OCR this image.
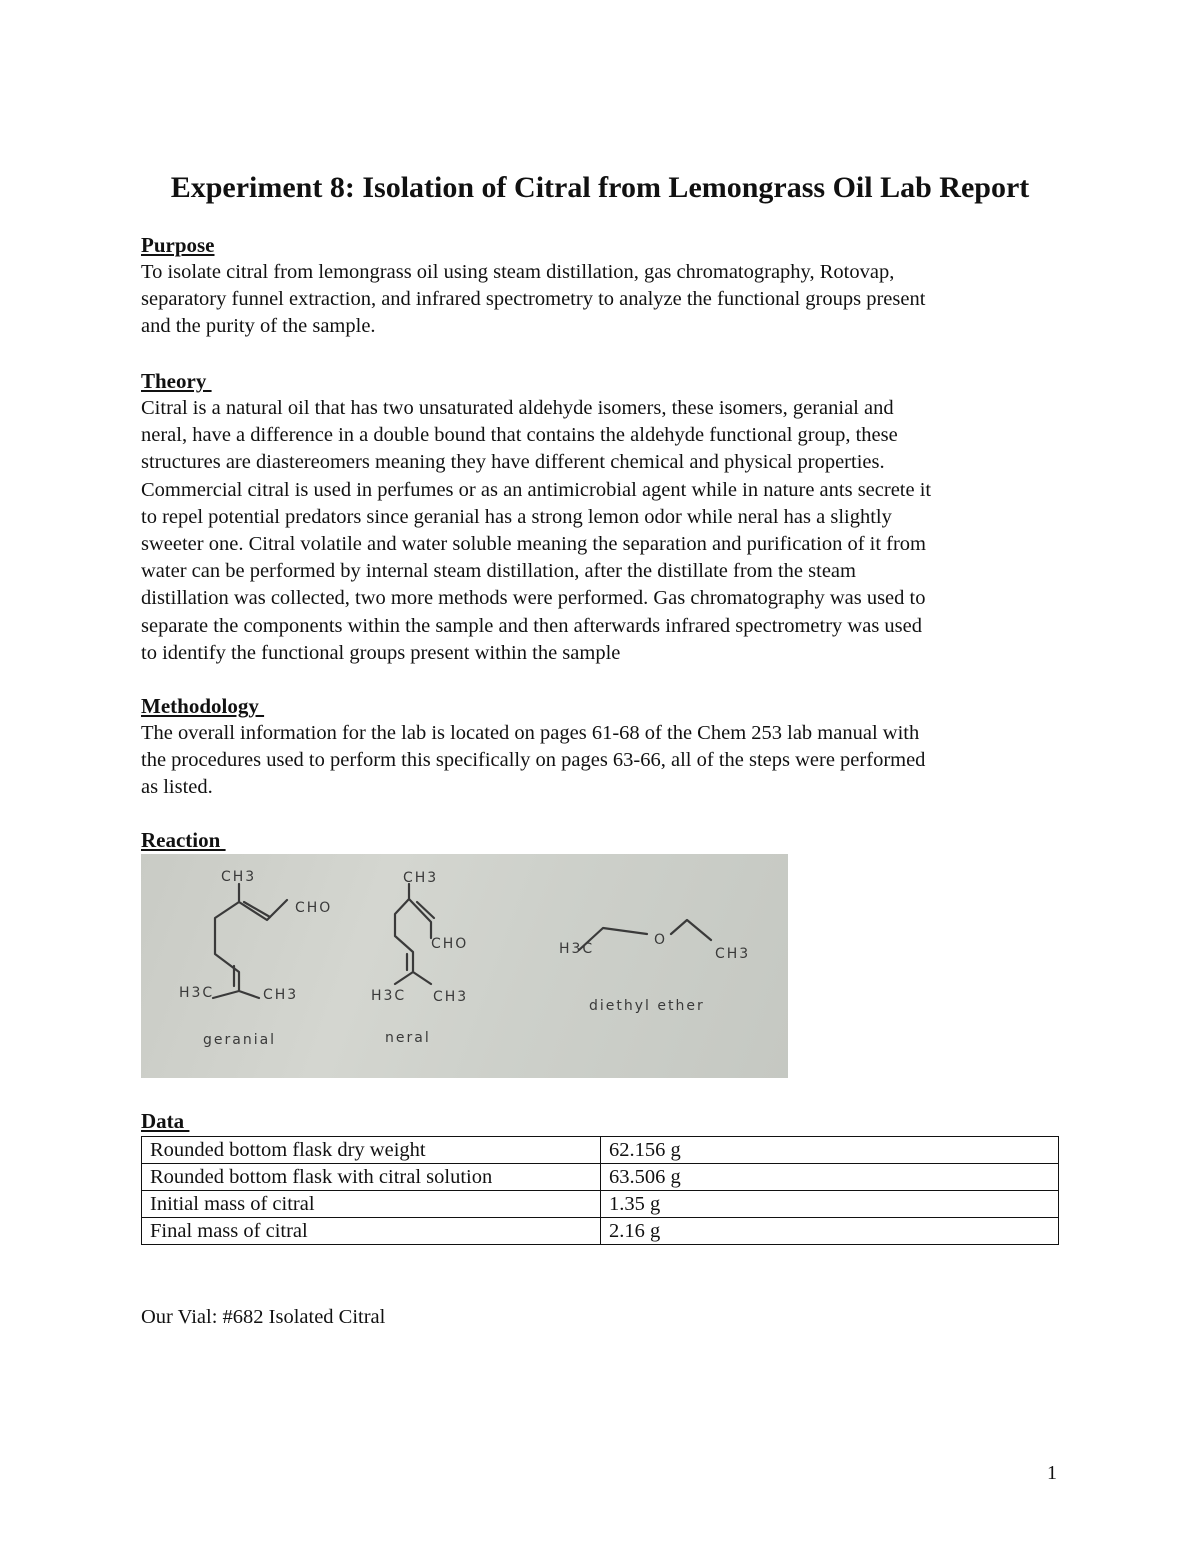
Experiment 8: Isolation of Citral from Lemongrass Oil Lab Report

Purpose

To isolate citral from lemongrass oil using steam distillation, gas chromatography, Rotovap,
separatory funnel extraction, and infrared spectrometry to analyze the functional groups present
and the purity of the sample.

Theory

Citral is a natural oil that has two unsaturated aldehyde isomers, these isomers, geranial and
neral, have a difference in a double bound that contains the aldehyde functional group, these
structures are diastereomers meaning they have different chemical and physical properties.
Commercial citral is used in perfumes or as an antimicrobial agent while in nature ants secrete it
to repel potential predators since geranial has a strong lemon odor while neral has a slightly
sweeter one. Citral volatile and water soluble meaning the separation and purification of it from
water can be performed by internal steam distillation, after the distillate from the steam
distillation was collected, two more methods were performed. Gas chromatography was used to
separate the components within the sample and then afterwards infrared spectrometry was used
to identify the functional groups present within the sample

Methodology

The overall information for the lab is located on pages 61-68 of the Chem 253 lab manual with
the procedures used to perform this specifically on pages 63-66, all of the steps were performed
as listed.

Reaction

CH3
CHO
H3C	CH3
geranial
CH3
CHO
H3C CH3
neral
H3C
O
CH3
diethyl ether

Data

Rounded bottom flask dry weight	62.156 g
Rounded bottom flask with citral solution	63.506 g
Initial mass of citral	1.35 g
Final mass of citral	2.16 g

Our Vial: #682 Isolated Citral

1
